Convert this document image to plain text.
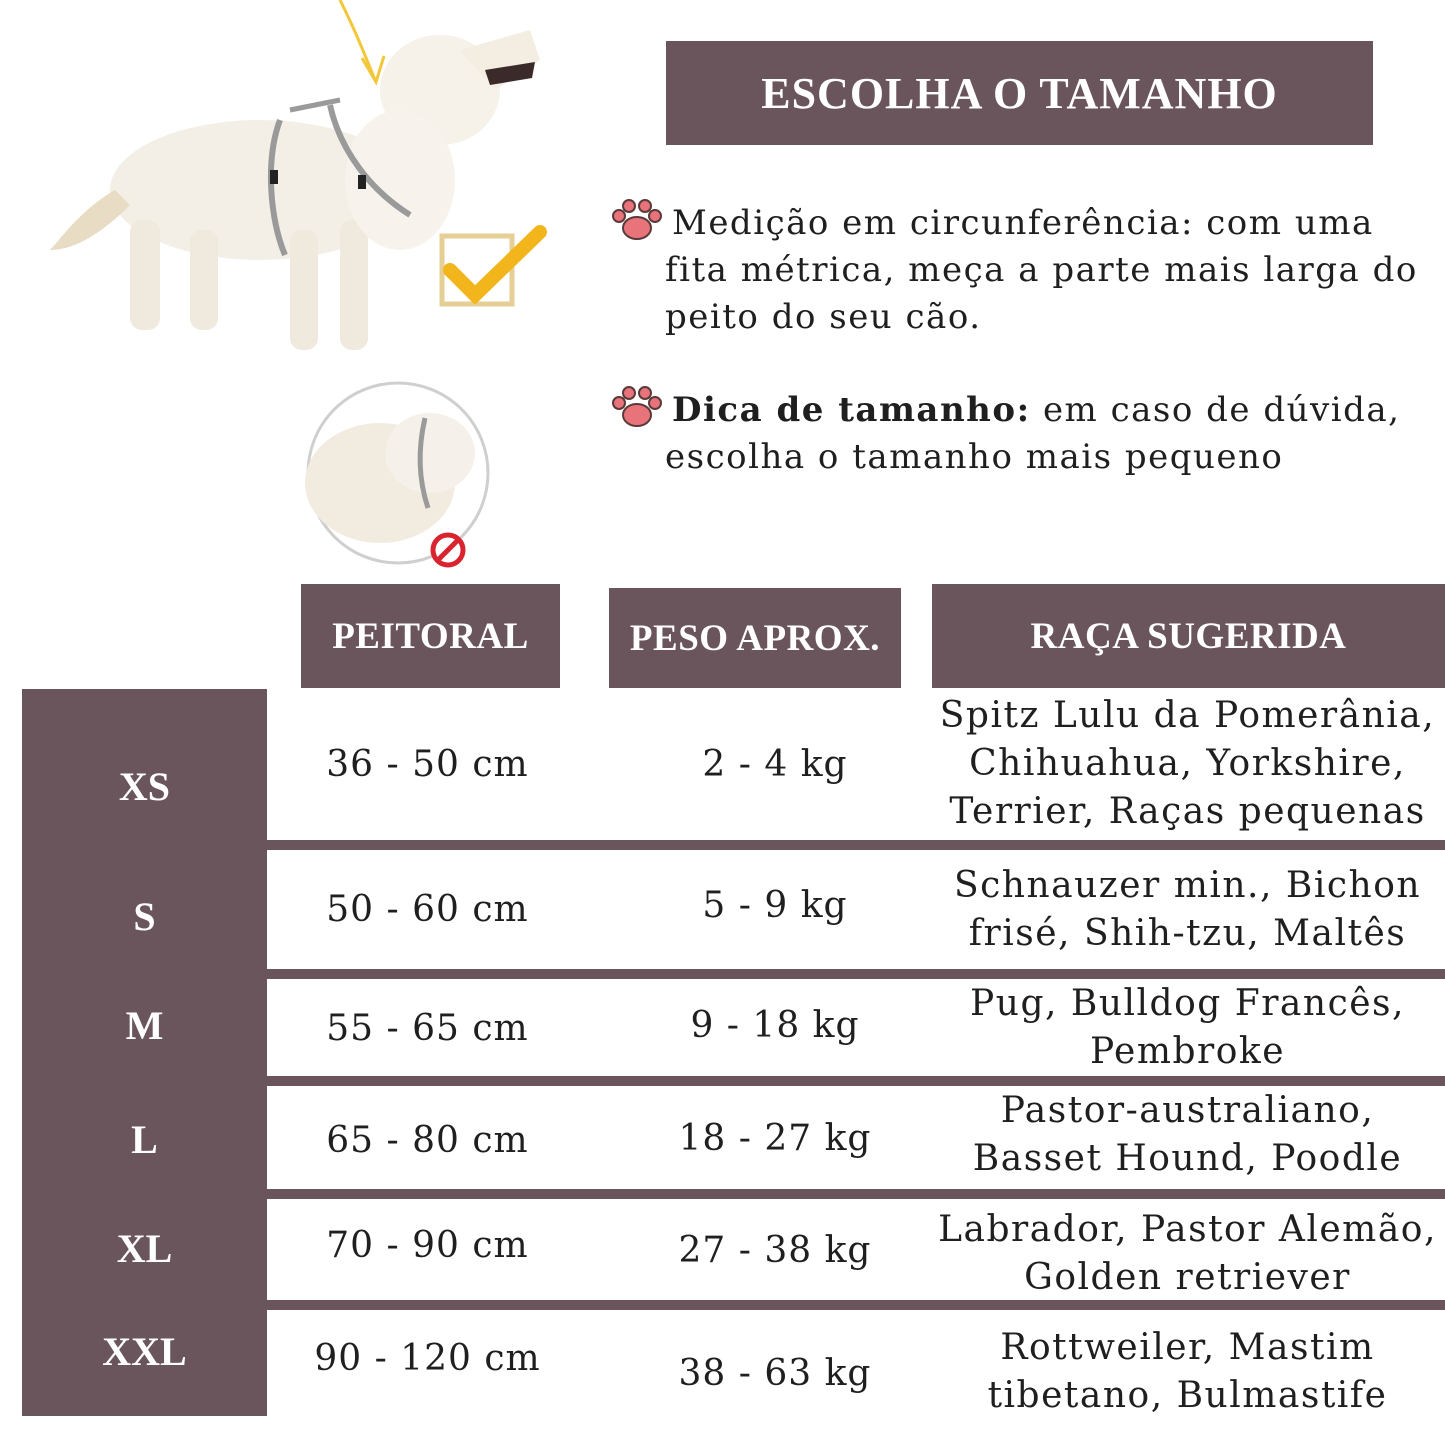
ESCOLHA O TAMANHO
Medição em circunferência: com uma
fita métrica, meça a parte mais larga do
peito do seu cão.
Dica de tamanho: em caso de dúvida,
escolha o tamanho mais pequeno
PEITORAL	PESO APROX.	RAÇA SUGERIDA
XS	36 - 50 cm	2 - 4 kg
Spitz Lulu da Pomerânia,
Chihuahua, Yorkshire,
Terrier, Raças pequenas
S	50 - 60 cm	5 - 9 kg	Schnauzer min., Bichon
frisé, Shih-tzu, Maltês
M	55 - 65 cm	9 - 18 kg
Pug, Bulldog Francês,
Pembroke
L	65 - 80 cm	18 - 27 kg
Pastor-australiano,
Basset Hound, Poodle
XL	70 - 90 cm	27 - 38 kg
Labrador, Pastor Alemão,
Golden retriever
XXL	90 - 120 cm	38 - 63 kg
Rottweiler, Mastim
tibetano, Bulmastife
